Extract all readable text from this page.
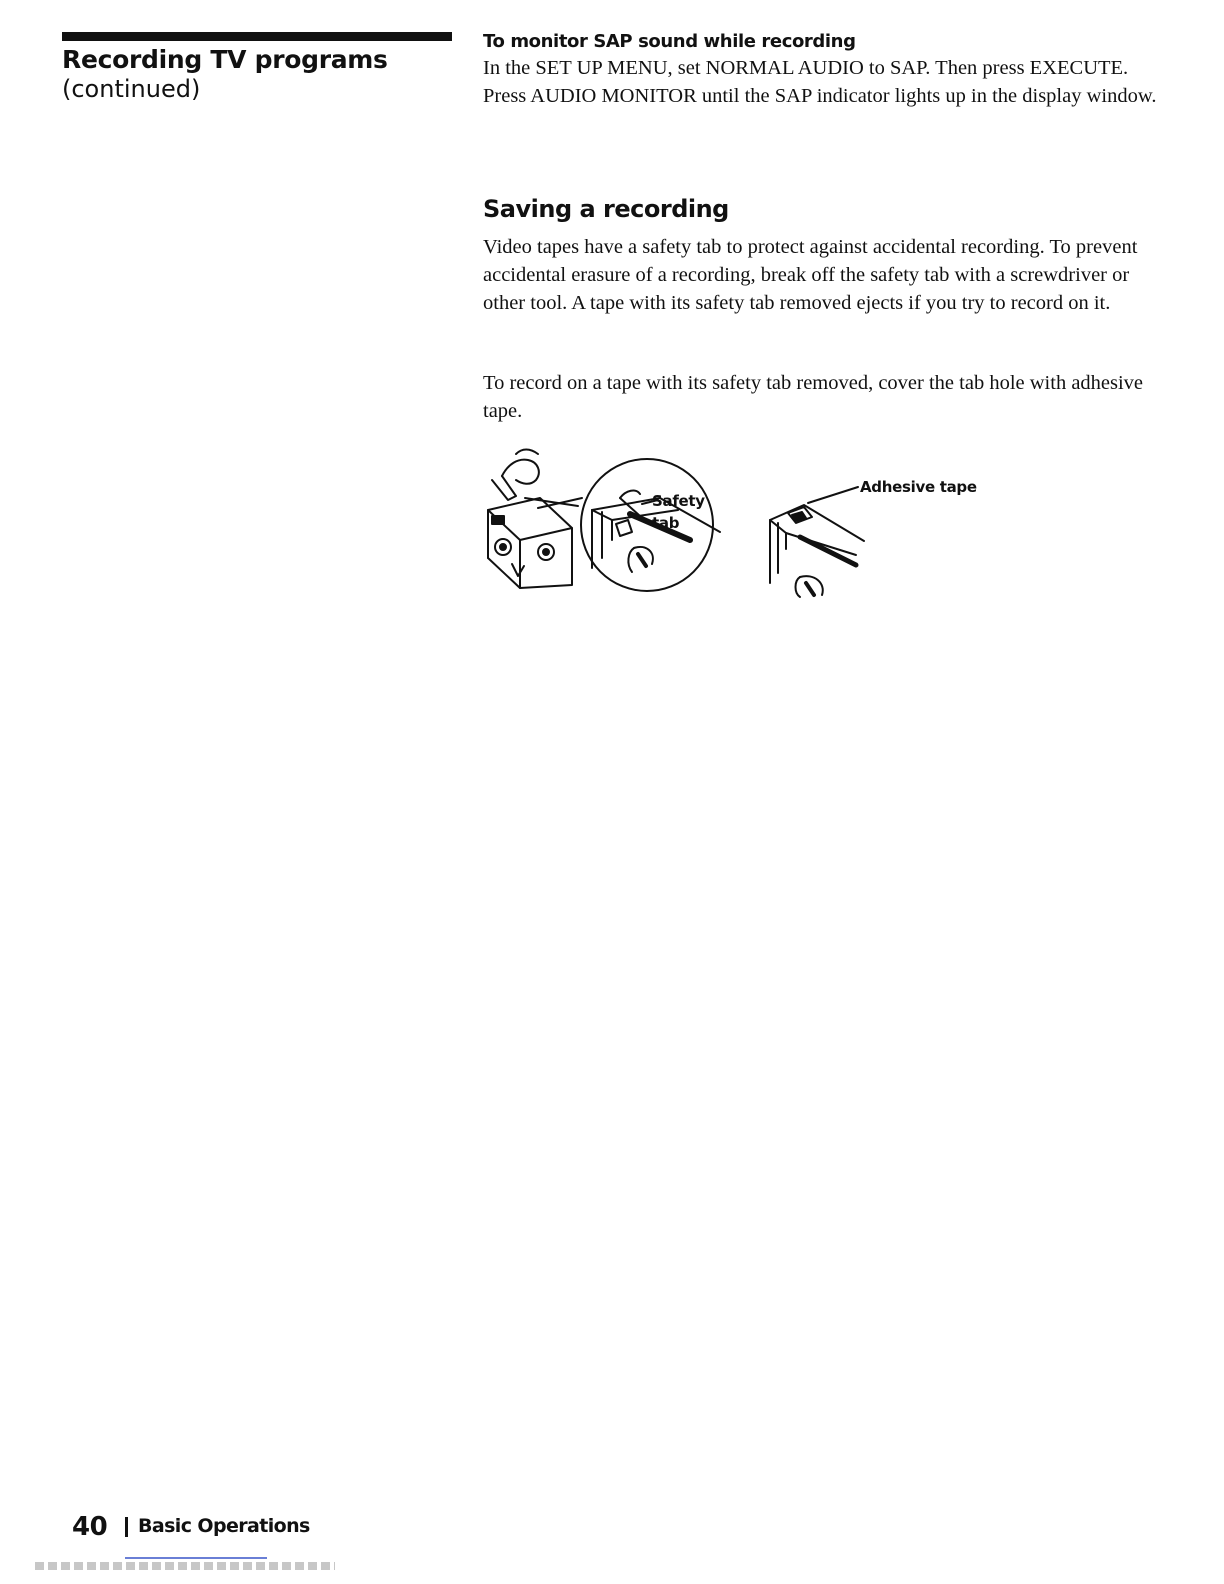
Recording TV programs
(continued)
To monitor SAP sound while recording
In the SET UP MENU, set NORMAL AUDIO to SAP. Then press EXECUTE. Press AUDIO MONITOR until the SAP indicator lights up in the display window.
Saving a recording
Video tapes have a safety tab to protect against accidental recording. To prevent accidental erasure of a recording, break off the safety tab with a screwdriver or other tool. A tape with its safety tab removed ejects if you try to record on it.
To record on a tape with its safety tab removed, cover the tab hole with adhesive tape.
Safety
tab
Adhesive tape
40 Basic Operations
